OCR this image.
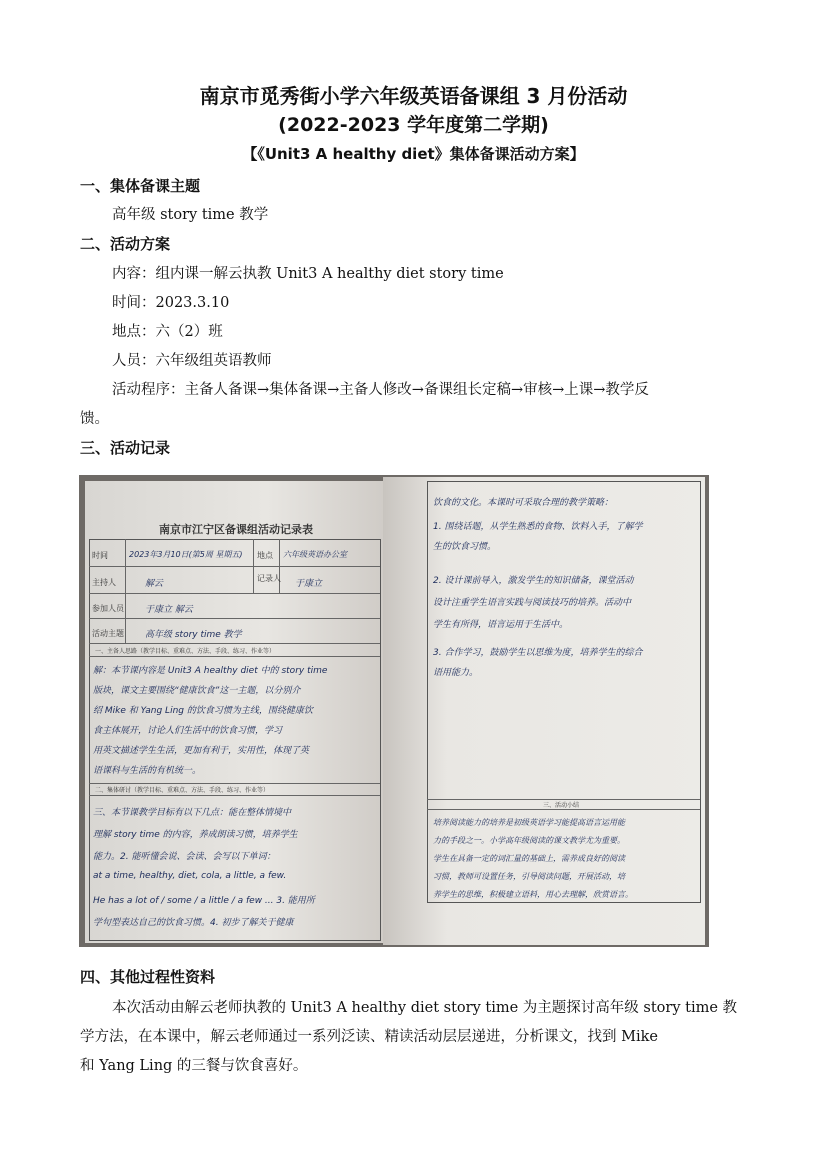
南京市觅秀街小学六年级英语备课组 3 月份活动
(2022-2023 学年度第二学期)
【《Unit3 A healthy diet》集体备课活动方案】
一、集体备课主题
高年级 story time 教学
二、活动方案
内容：组内课一解云执教 Unit3 A healthy diet story time
时间：2023.3.10
地点：六（2）班
人员：六年级组英语教师
活动程序：主备人备课→集体备课→主备人修改→备课组长定稿→审核→上课→教学反
馈。
三、活动记录
南京市江宁区备课组活动记录表
时间	2023年3月10日(第5周 星期五) 地点 六年级英语办公室
主持人	解云
记录人
于康立
参加人员 于康立 解云
活动主题 高年级 story time 教学
一、主备人思路（教学目标、重难点、方法、手段、练习、作业等）
二、集体研讨（教学目标、重难点、方法、手段、练习、作业等）
解：本节课内容是 Unit3 A healthy diet 中的 story time
版块，课文主要围绕“健康饮食”这一主题，以分别介
绍 Mike 和 Yang Ling 的饮食习惯为主线，围绕健康饮
食主体展开，讨论人们生活中的饮食习惯，学习
用英文描述学生生活，更加有利于，实用性，体现了英
语课科与生活的有机统一。
三、本节课教学目标有以下几点：能在整体情境中
理解 story time 的内容，养成朗读习惯，培养学生
能力。2. 能听懂会说、会读、会写以下单词：
at a time, healthy, diet, cola, a little, a few.
He has a lot of / some / a little / a few ... 3. 能用所
学句型表达自己的饮食习惯。4. 初步了解关于健康
三、活动小结
饮食的文化。本课时可采取合理的教学策略：
1. 围绕话题，从学生熟悉的食物、饮料入手，了解学
生的饮食习惯。
2. 设计课前导入，激发学生的知识储备，课堂活动
设计注重学生语言实践与阅读技巧的培养。活动中
学生有所得，语言运用于生活中。
3. 合作学习，鼓励学生以思维为度，培养学生的综合
语用能力。
培养阅读能力的培养是初级英语学习能提高语言运用能
力的手段之一。小学高年级阅读的课文教学尤为重要。
学生在具备一定的词汇量的基础上，需养成良好的阅读
习惯，教师可设置任务，引导阅读问题，开展活动，培
养学生的思维，积极建立语料，用心去理解，欣赏语言。
四、其他过程性资料
本次活动由解云老师执教的 Unit3 A healthy diet story time 为主题探讨高年级 story time 教
学方法，在本课中，解云老师通过一系列泛读、精读活动层层递进，分析课文，找到 Mike
和 Yang Ling 的三餐与饮食喜好。
